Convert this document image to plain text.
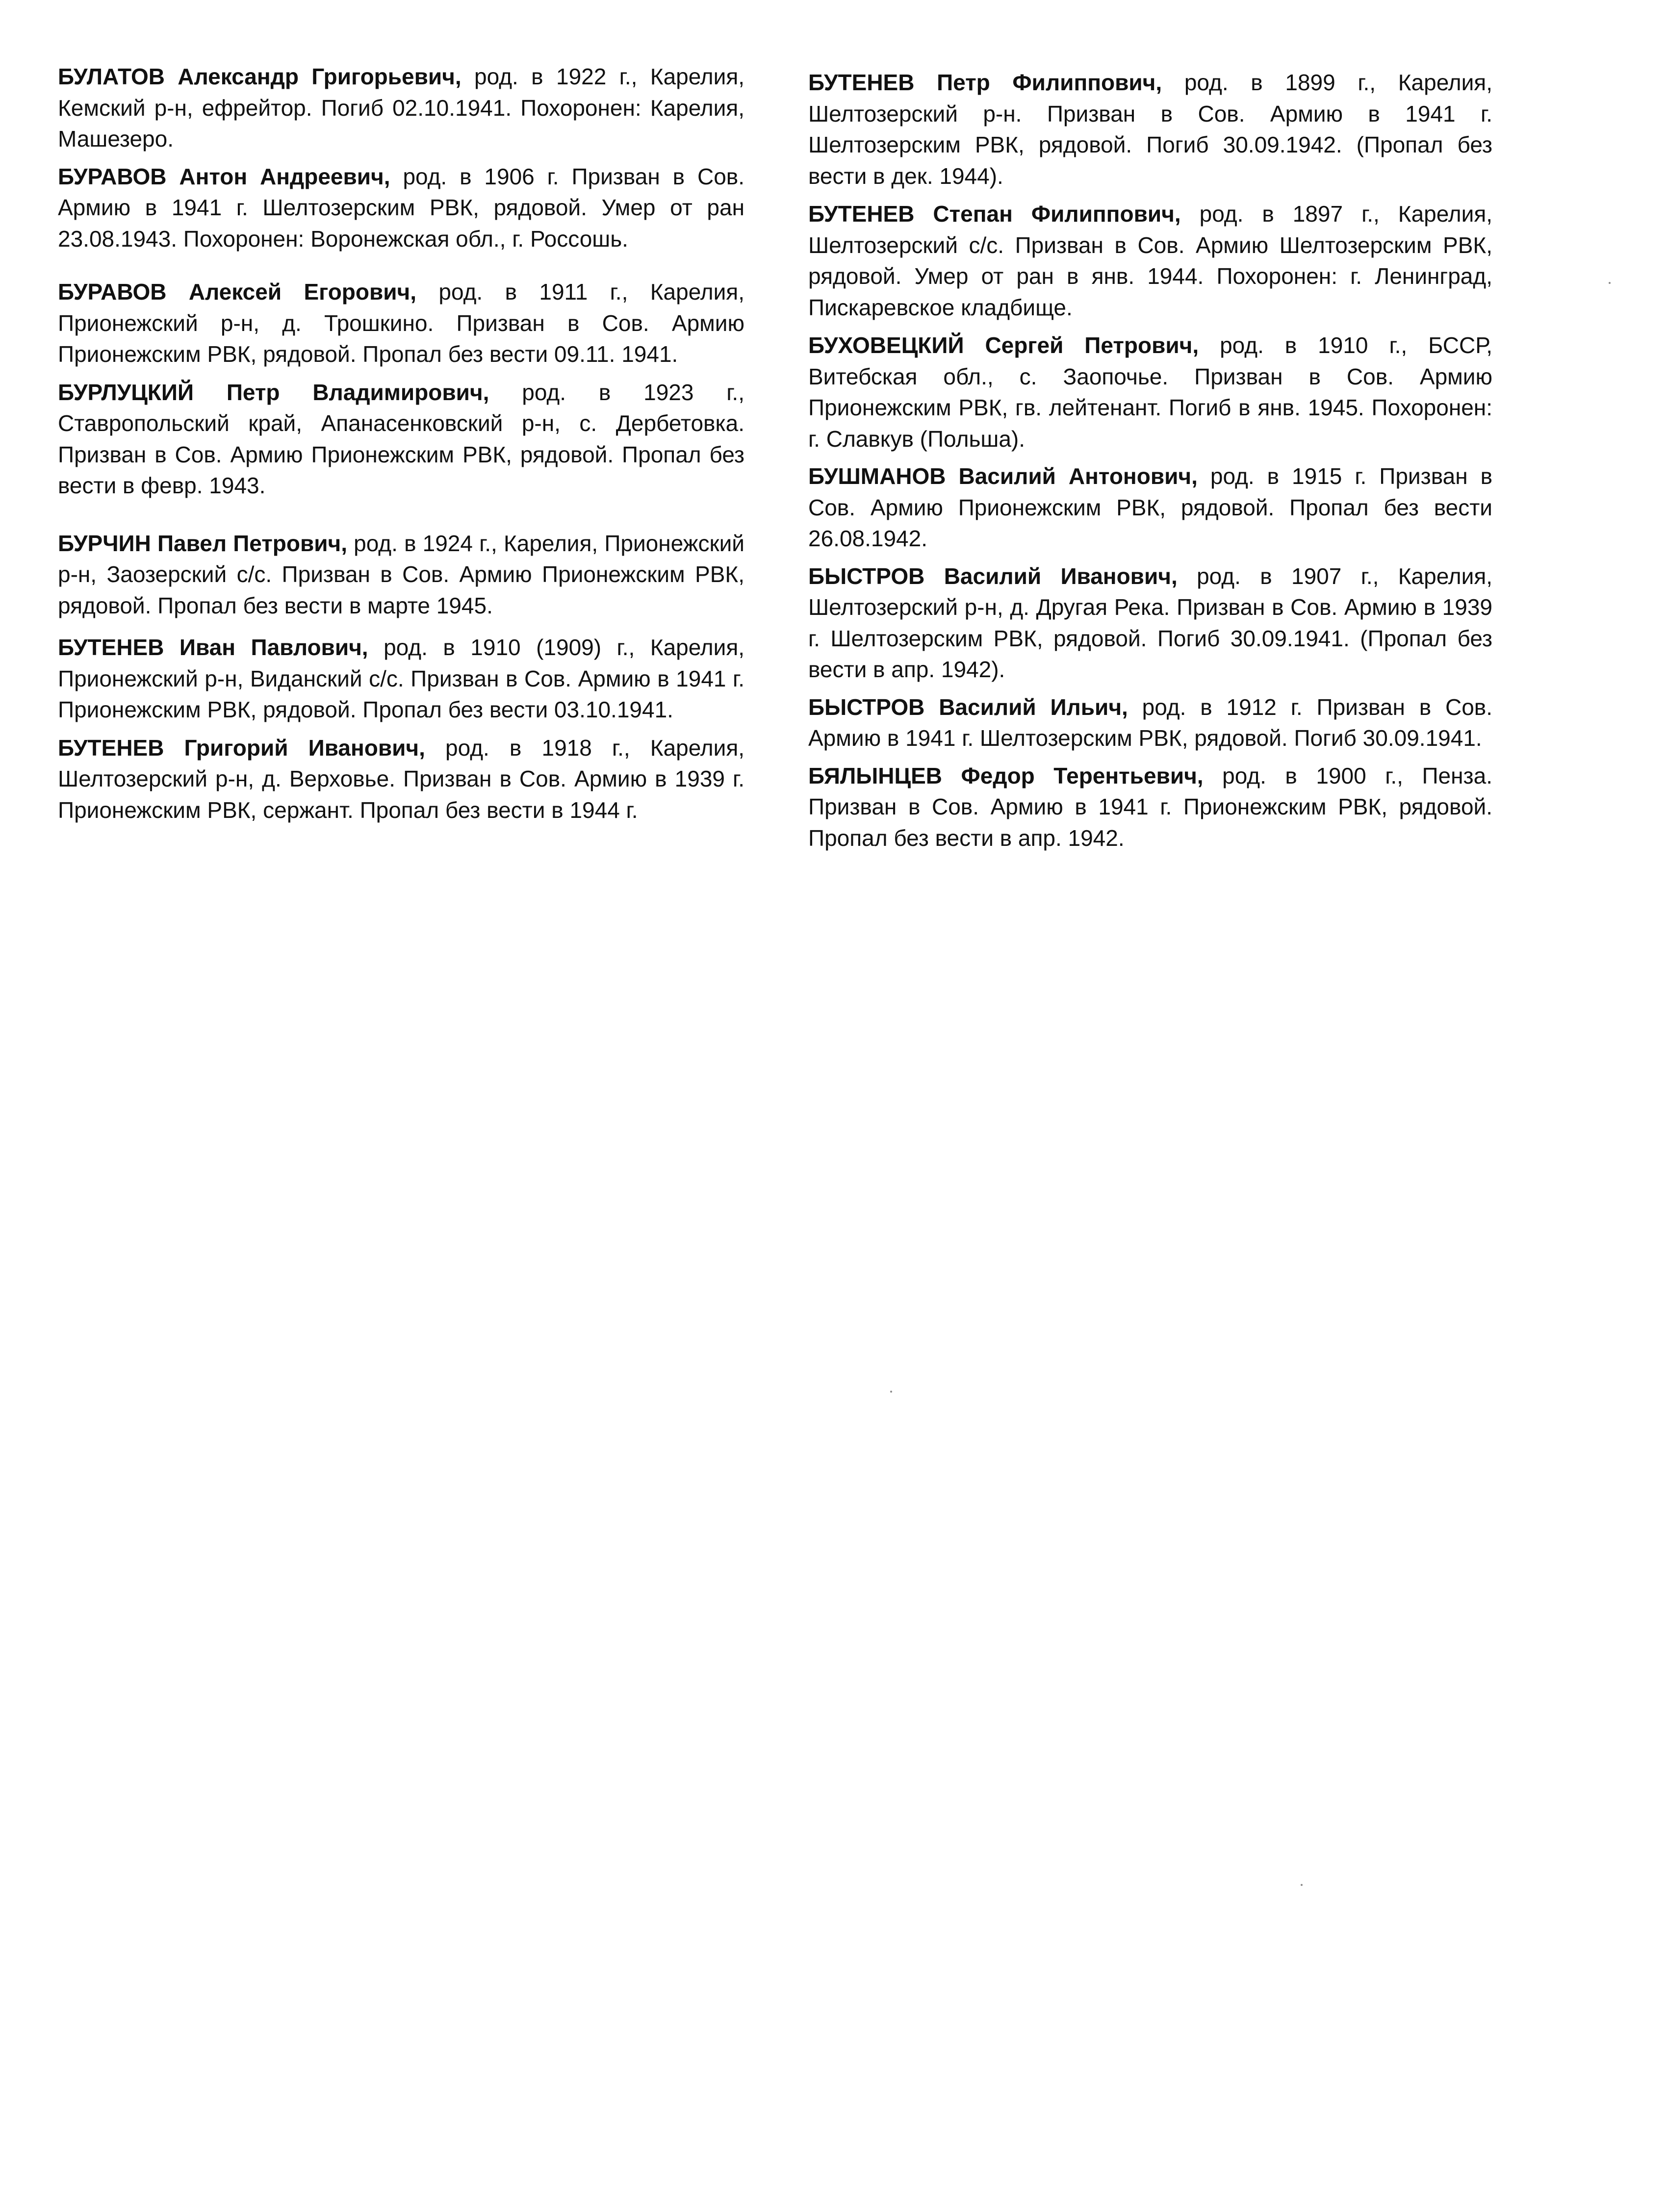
БУЛАТОВ Александр Григорьевич, род. в 1922 г., Карелия, Кемский р-н, ефрейтор. Погиб 02.10.1941. Похоронен: Карелия, Машезеро.

БУРАВОВ Антон Андреевич, род. в 1906 г. Призван в Сов. Армию в 1941 г. Шелтозерским РВК, рядовой. Умер от ран 23.08.1943. Похоронен: Воронежская обл., г. Россошь.

БУРАВОВ Алексей Егорович, род. в 1911 г., Карелия, Прионежский р-н, д. Трошкино. Призван в Сов. Армию Прионежским РВК, рядовой. Пропал без вести 09.11. 1941.

БУРЛУЦКИЙ Петр Владимирович, род. в 1923 г., Ставропольский край, Апанасенковский р-н, с. Дербетовка. Призван в Сов. Армию Прионежским РВК, рядовой. Пропал без вести в февр. 1943.

БУРЧИН Павел Петрович, род. в 1924 г., Карелия, Прионежский р-н, Заозерский с/с. Призван в Сов. Армию Прионежским РВК, рядовой. Пропал без вести в марте 1945.

БУТЕНЕВ Иван Павлович, род. в 1910 (1909) г., Карелия, Прионежский р-н, Виданский с/с. Призван в Сов. Армию в 1941 г. Прионежским РВК, рядовой. Пропал без вести 03.10.1941.

БУТЕНЕВ Григорий Иванович, род. в 1918 г., Карелия, Шелтозерский р-н, д. Верховье. Призван в Сов. Армию в 1939 г. Прионежским РВК, сержант. Пропал без вести в 1944 г.

БУТЕНЕВ Петр Филиппович, род. в 1899 г., Карелия, Шелтозерский р-н. Призван в Сов. Армию в 1941 г. Шелтозерским РВК, рядовой. Погиб 30.09.1942. (Пропал без вести в дек. 1944).

БУТЕНЕВ Степан Филиппович, род. в 1897 г., Карелия, Шелтозерский с/с. Призван в Сов. Армию Шелтозерским РВК, рядовой. Умер от ран в янв. 1944. Похоронен: г. Ленинград, Пискаревское кладбище.

БУХОВЕЦКИЙ Сергей Петрович, род. в 1910 г., БССР, Витебская обл., с. Заопочье. Призван в Сов. Армию Прионежским РВК, гв. лейтенант. Погиб в янв. 1945. Похоронен: г. Славкув (Польша).

БУШМАНОВ Василий Антонович, род. в 1915 г. Призван в Сов. Армию Прионежским РВК, рядовой. Пропал без вести 26.08.1942.

БЫСТРОВ Василий Иванович, род. в 1907 г., Карелия, Шелтозерский р-н, д. Другая Река. Призван в Сов. Армию в 1939 г. Шелтозерским РВК, рядовой. Погиб 30.09.1941. (Пропал без вести в апр. 1942).

БЫСТРОВ Василий Ильич, род. в 1912 г. Призван в Сов. Армию в 1941 г. Шелтозерским РВК, рядовой. Погиб 30.09.1941.

БЯЛЫНЦЕВ Федор Терентьевич, род. в 1900 г., Пенза. Призван в Сов. Армию в 1941 г. Прионежским РВК, рядовой. Пропал без вести в апр. 1942.
